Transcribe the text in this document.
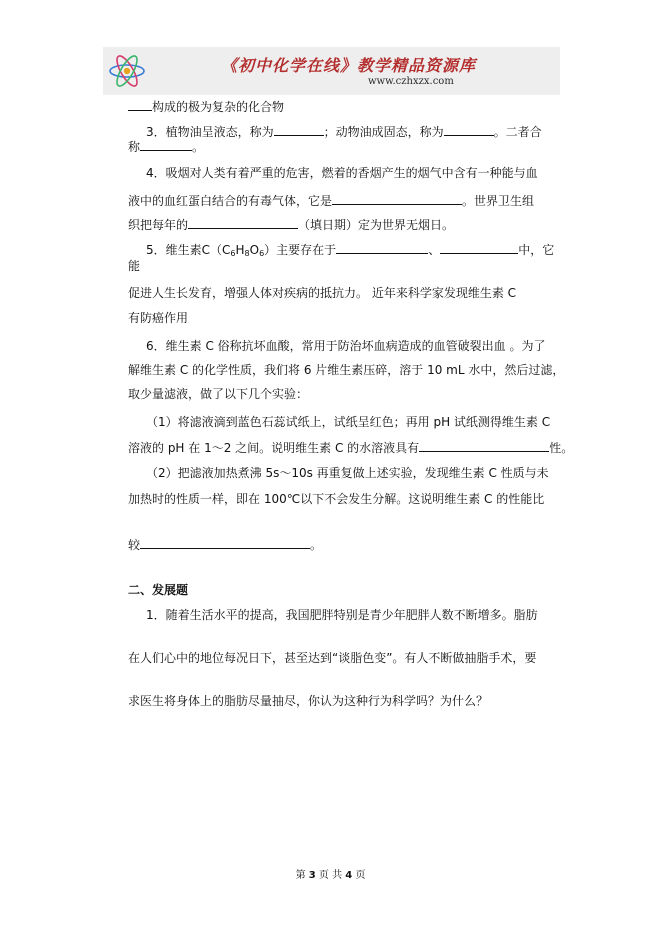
《初中化学在线》教学精品资源库
www.czhxzx.com
构成的极为复杂的化合物
3．植物油呈液态，称为	；动物油成固态，称为	。二者合
称	。
4．吸烟对人类有着严重的危害，燃着的香烟产生的烟气中含有一种能与血
液中的血红蛋白结合的有毒气体，它是	。世界卫生组
织把每年的	（填日期）定为世界无烟日。
5．维生素$C(C_6H_8O_6)$主要存在于	、	中，它
能
促进人生长发育，增强人体对疾病的抵抗力。 近年来科学家发现维生素 C
有防癌作用
6．维生素 C 俗称抗坏血酸，常用于防治坏血病造成的血管破裂出血 。为了
解维生素 C 的化学性质，我们将 6 片维生素压碎，溶于 10 mL 水中，然后过滤，
取少量滤液，做了以下几个实验：
（1）将滤液滴到蓝色石蕊试纸上，试纸呈红色；再用 pH 试纸测得维生素 C
溶液的 pH 在 1～2 之间。说明维生素 C 的水溶液具有	性。
（2）把滤液加热煮沸 5s～10s 再重复做上述实验，发现维生素 C 性质与未
加热时的性质一样，即在 100℃以下不会发生分解。这说明维生素 C 的性能比
较	。
二、发展题
1．随着生活水平的提高，我国肥胖特别是青少年肥胖人数不断增多。脂肪
在人们心中的地位每况日下，甚至达到“谈脂色变”。有人不断做抽脂手术，要
求医生将身体上的脂肪尽量抽尽，你认为这种行为科学吗？为什么？
第 3 页 共 4 页
